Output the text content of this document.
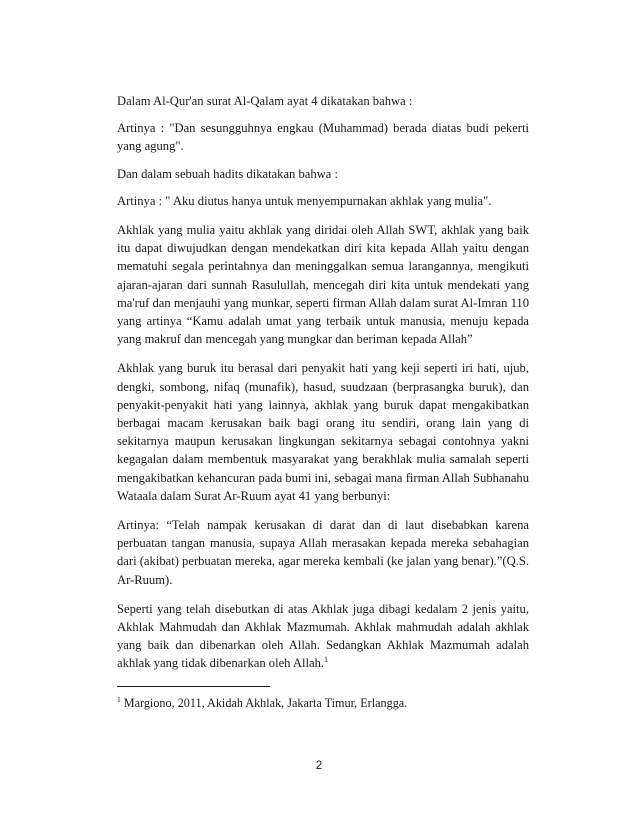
Dalam Al-Qur'an surat Al-Qalam ayat 4 dikatakan bahwa :

Artinya : "Dan sesungguhnya engkau (Muhammad) berada diatas budi pekerti yang agung".

Dan dalam sebuah hadits dikatakan bahwa :

Artinya : " Aku diutus hanya untuk menyempurnakan akhlak yang mulia".

Akhlak yang mulia yaitu akhlak yang diridai oleh Allah SWT, akhlak yang baik itu dapat diwujudkan dengan mendekatkan diri kita kepada Allah yaitu dengan mematuhi segala perintahnya dan meninggalkan semua larangannya, mengikuti ajaran-ajaran dari sunnah Rasulullah, mencegah diri kita untuk mendekati yang ma'ruf dan menjauhi yang munkar, seperti firman Allah dalam surat Al-Imran 110 yang artinya “Kamu adalah umat yang terbaik untuk manusia, menuju kepada yang makruf dan mencegah yang mungkar dan beriman kepada Allah”

Akhlak yang buruk itu berasal dari penyakit hati yang keji seperti iri hati, ujub, dengki, sombong, nifaq (munafik), hasud, suudzaan (berprasangka buruk), dan penyakit-penyakit hati yang lainnya, akhlak yang buruk dapat mengakibatkan berbagai macam kerusakan baik bagi orang itu sendiri, orang lain yang di sekitarnya maupun kerusakan lingkungan sekitarnya sebagai contohnya yakni kegagalan dalam membentuk masyarakat yang berakhlak mulia samalah seperti mengakibatkan kehancuran pada bumi ini, sebagai mana firman Allah Subhanahu Wataala dalam Surat Ar-Ruum ayat 41 yang berbunyi:

Artinya: “Telah nampak kerusakan di darat dan di laut disebabkan karena perbuatan tangan manusia, supaya Allah merasakan kepada mereka sebahagian dari (akibat) perbuatan mereka, agar mereka kembali (ke jalan yang benar).”(Q.S. Ar-Ruum).

Seperti yang telah disebutkan di atas Akhlak juga dibagi kedalam 2 jenis yaitu, Akhlak Mahmudah dan Akhlak Mazmumah. Akhlak mahmudah adalah akhlak yang baik dan dibenarkan oleh Allah. Sedangkan Akhlak Mazmumah adalah akhlak yang tidak dibenarkan oleh Allah.$^1$

$^1$ Margiono, 2011, Akidah Akhlak, Jakarta Timur, Erlangga.
2
